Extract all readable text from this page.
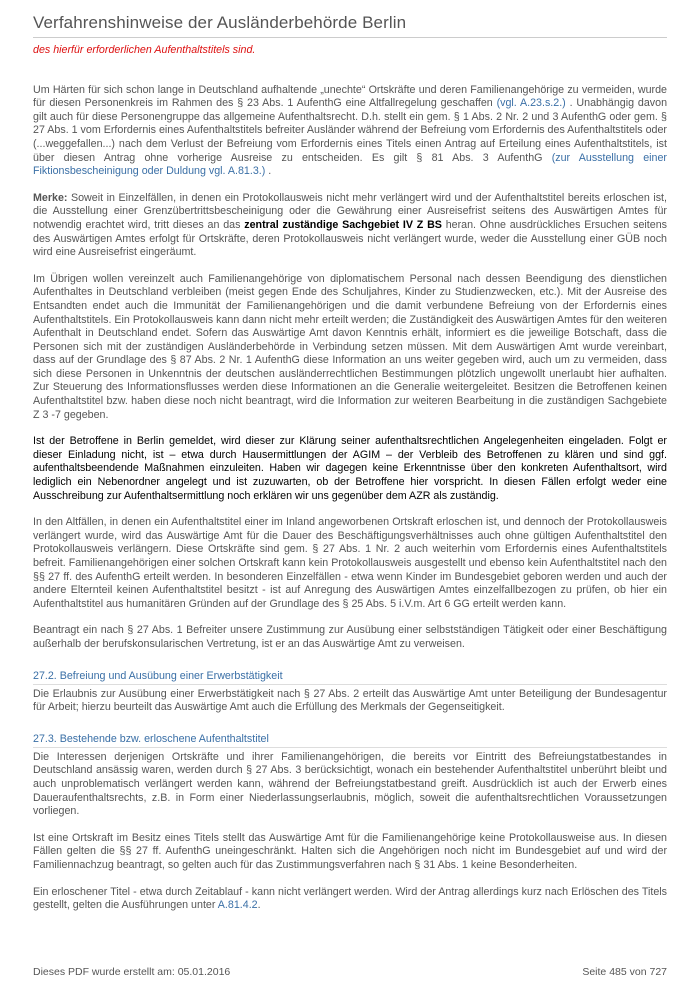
Verfahrenshinweise der Ausländerbehörde Berlin

des hierfür erforderlichen Aufenthaltstitels sind.

Um Härten für sich schon lange in Deutschland aufhaltende „unechte“ Ortskräfte und deren Familienangehörige zu vermeiden, wurde für diesen Personenkreis im Rahmen des § 23 Abs. 1 AufenthG eine Altfallregelung geschaffen (vgl. A.23.s.2.) . Unabhängig davon gilt auch für diese Personengruppe das allgemeine Aufenthaltsrecht. D.h. stellt ein gem. § 1 Abs. 2 Nr. 2 und 3 AufenthG oder gem. § 27 Abs. 1 vom Erfordernis eines Aufenthaltstitels befreiter Ausländer während der Befreiung vom Erfordernis des Aufenthaltstitels oder (...weggefallen...) nach dem Verlust der Befreiung vom Erfordernis eines Titels einen Antrag auf Erteilung eines Aufenthaltstitels, ist über diesen Antrag ohne vorherige Ausreise zu entscheiden. Es gilt § 81 Abs. 3 AufenthG (zur Ausstellung einer Fiktionsbescheinigung oder Duldung vgl. A.81.3.) .

Merke: Soweit in Einzelfällen, in denen ein Protokollausweis nicht mehr verlängert wird und der Aufenthaltstitel bereits erloschen ist, die Ausstellung einer Grenzübertrittsbescheinigung oder die Gewährung einer Ausreisefrist seitens des Auswärtigen Amtes für notwendig erachtet wird, tritt dieses an das zentral zuständige Sachgebiet IV Z BS heran. Ohne ausdrückliches Ersuchen seitens des Auswärtigen Amtes erfolgt für Ortskräfte, deren Protokollausweis nicht verlängert wurde, weder die Ausstellung einer GÜB noch wird eine Ausreisefrist eingeräumt.

Im Übrigen wollen vereinzelt auch Familienangehörige von diplomatischem Personal nach dessen Beendigung des dienstlichen Aufenthaltes in Deutschland verbleiben (meist gegen Ende des Schuljahres, Kinder zu Studienzwecken, etc.). Mit der Ausreise des Entsandten endet auch die Immunität der Familienangehörigen und die damit verbundene Befreiung von der Erfordernis eines Aufenthaltstitels. Ein Protokollausweis kann dann nicht mehr erteilt werden; die Zuständigkeit des Auswärtigen Amtes für den weiteren Aufenthalt in Deutschland endet. Sofern das Auswärtige Amt davon Kenntnis erhält, informiert es die jeweilige Botschaft, dass die Personen sich mit der zuständigen Ausländerbehörde in Verbindung setzen müssen. Mit dem Auswärtigen Amt wurde vereinbart, dass auf der Grundlage des § 87 Abs. 2 Nr. 1 AufenthG diese Information an uns weiter gegeben wird, auch um zu vermeiden, dass sich diese Personen in Unkenntnis der deutschen ausländerrechtlichen Bestimmungen plötzlich ungewollt unerlaubt hier aufhalten. Zur Steuerung des Informationsflusses werden diese Informationen an die Generalie weitergeleitet. Besitzen die Betroffenen keinen Aufenthaltstitel bzw. haben diese noch nicht beantragt, wird die Information zur weiteren Bearbeitung in die zuständigen Sachgebiete Z 3 -7 gegeben.

Ist der Betroffene in Berlin gemeldet, wird dieser zur Klärung seiner aufenthaltsrechtlichen Angelegenheiten eingeladen. Folgt er dieser Einladung nicht, ist – etwa durch Hausermittlungen der AGIM – der Verbleib des Betroffenen zu klären und sind ggf. aufenthaltsbeendende Maßnahmen einzuleiten. Haben wir dagegen keine Erkenntnisse über den konkreten Aufenthaltsort, wird lediglich ein Nebenordner angelegt und ist zuzuwarten, ob der Betroffene hier vorspricht. In diesen Fällen erfolgt weder eine Ausschreibung zur Aufenthaltsermittlung noch erklären wir uns gegenüber dem AZR als zuständig.

In den Altfällen, in denen ein Aufenthaltstitel einer im Inland angeworbenen Ortskraft erloschen ist, und dennoch der Protokollausweis verlängert wurde, wird das Auswärtige Amt für die Dauer des Beschäftigungsverhältnisses auch ohne gültigen Aufenthaltstitel den Protokollausweis verlängern. Diese Ortskräfte sind gem. § 27 Abs. 1 Nr. 2 auch weiterhin vom Erfordernis eines Aufenthaltstitels befreit. Familienangehörigen einer solchen Ortskraft kann kein Protokollausweis ausgestellt und ebenso kein Aufenthaltstitel nach den §§ 27 ff. des AufenthG erteilt werden. In besonderen Einzelfällen - etwa wenn Kinder im Bundesgebiet geboren werden und auch der andere Elternteil keinen Aufenthaltstitel besitzt - ist auf Anregung des Auswärtigen Amtes einzelfallbezogen zu prüfen, ob hier ein Aufenthaltstitel aus humanitären Gründen auf der Grundlage des § 25 Abs. 5 i.V.m. Art 6 GG erteilt werden kann.

Beantragt ein nach § 27 Abs. 1 Befreiter unsere Zustimmung zur Ausübung einer selbstständigen Tätigkeit oder einer Beschäftigung außerhalb der berufskonsularischen Vertretung, ist er an das Auswärtige Amt zu verweisen.

27.2. Befreiung und Ausübung einer Erwerbstätigkeit

Die Erlaubnis zur Ausübung einer Erwerbstätigkeit nach § 27 Abs. 2 erteilt das Auswärtige Amt unter Beteiligung der Bundesagentur für Arbeit; hierzu beurteilt das Auswärtige Amt auch die Erfüllung des Merkmals der Gegenseitigkeit.

27.3. Bestehende bzw. erloschene Aufenthaltstitel

Die Interessen derjenigen Ortskräfte und ihrer Familienangehörigen, die bereits vor Eintritt des Befreiungstatbestandes in Deutschland ansässig waren, werden durch § 27 Abs. 3 berücksichtigt, wonach ein bestehender Aufenthaltstitel unberührt bleibt und auch unproblematisch verlängert werden kann, während der Befreiungstatbestand greift. Ausdrücklich ist auch der Erwerb eines Daueraufenthaltsrechts, z.B. in Form einer Niederlassungserlaubnis, möglich, soweit die aufenthaltsrechtlichen Voraussetzungen vorliegen.

Ist eine Ortskraft im Besitz eines Titels stellt das Auswärtige Amt für die Familienangehörige keine Protokollausweise aus. In diesen Fällen gelten die §§ 27 ff. AufenthG uneingeschränkt. Halten sich die Angehörigen noch nicht im Bundesgebiet auf und wird der Familiennachzug beantragt, so gelten auch für das Zustimmungsverfahren nach § 31 Abs. 1 keine Besonderheiten.

Ein erloschener Titel - etwa durch Zeitablauf - kann nicht verlängert werden. Wird der Antrag allerdings kurz nach Erlöschen des Titels gestellt, gelten die Ausführungen unter A.81.4.2.

Dieses PDF wurde erstellt am: 05.01.2016	Seite 485 von 727
